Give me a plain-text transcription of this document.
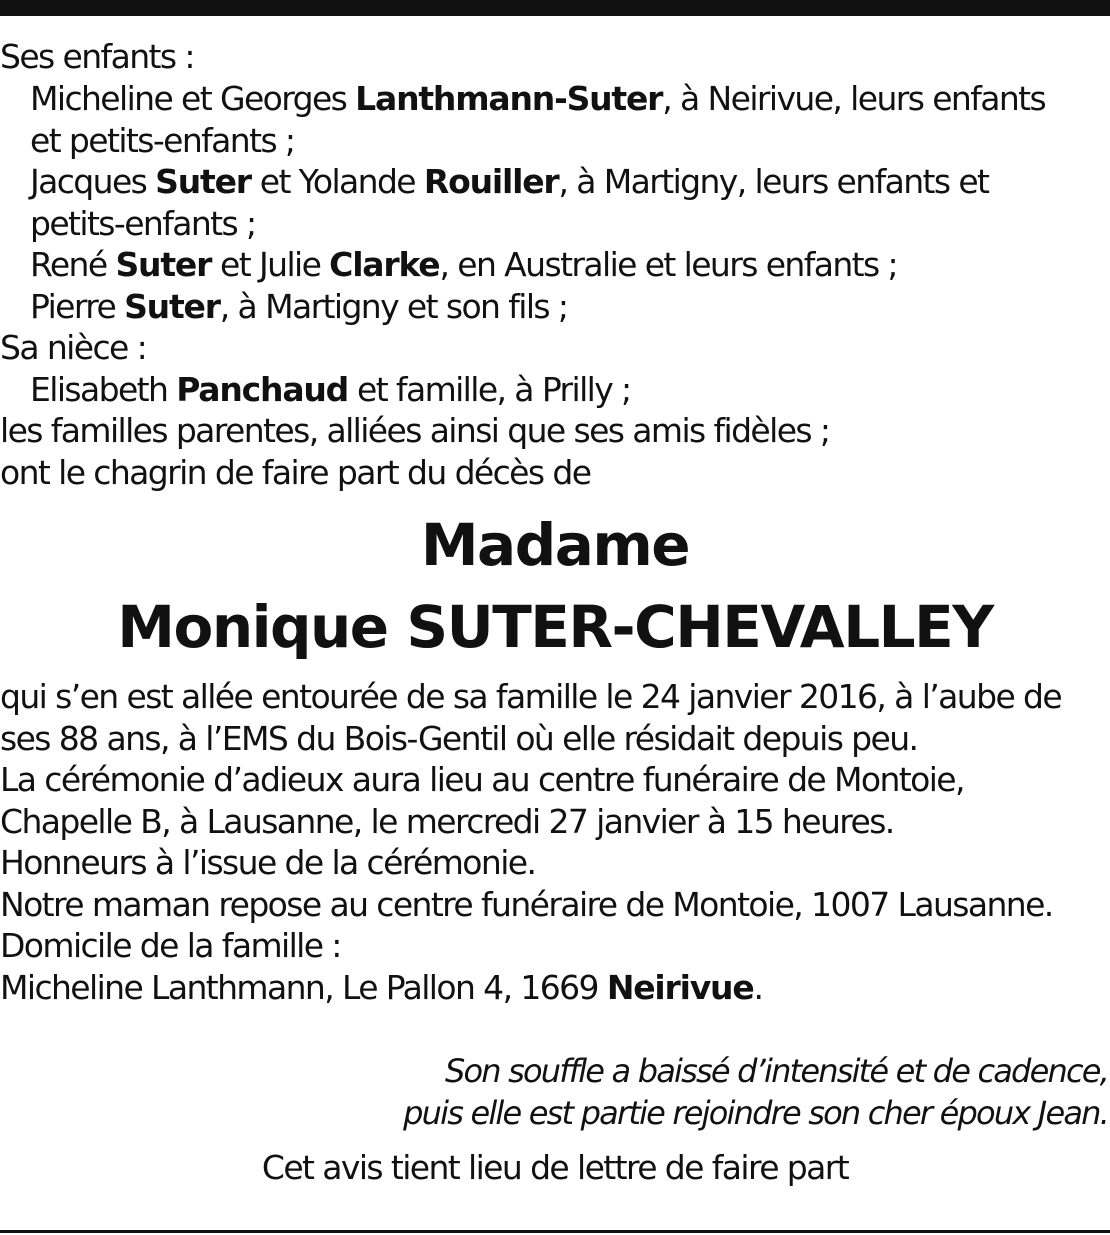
Ses enfants :
Micheline et Georges Lanthmann-Suter, à Neirivue, leurs enfants
et petits-enfants ;
Jacques Suter et Yolande Rouiller, à Martigny, leurs enfants et
petits-enfants ;
René Suter et Julie Clarke, en Australie et leurs enfants ;
Pierre Suter, à Martigny et son fils ;
Sa nièce :
Elisabeth Panchaud et famille, à Prilly ;
les familles parentes, alliées ainsi que ses amis fidèles ;
ont le chagrin de faire part du décès de
Madame
Monique SUTER-CHEVALLEY
qui s’en est allée entourée de sa famille le 24 janvier 2016, à l’aube de
ses 88 ans, à l’EMS du Bois-Gentil où elle résidait depuis peu.
La cérémonie d’adieux aura lieu au centre funéraire de Montoie,
Chapelle B, à Lausanne, le mercredi 27 janvier à 15 heures.
Honneurs à l’issue de la cérémonie.
Notre maman repose au centre funéraire de Montoie, 1007 Lausanne.
Domicile de la famille :
Micheline Lanthmann, Le Pallon 4, 1669 Neirivue.
Son souffle a baissé d’intensité et de cadence,
puis elle est partie rejoindre son cher époux Jean.
Cet avis tient lieu de lettre de faire part
